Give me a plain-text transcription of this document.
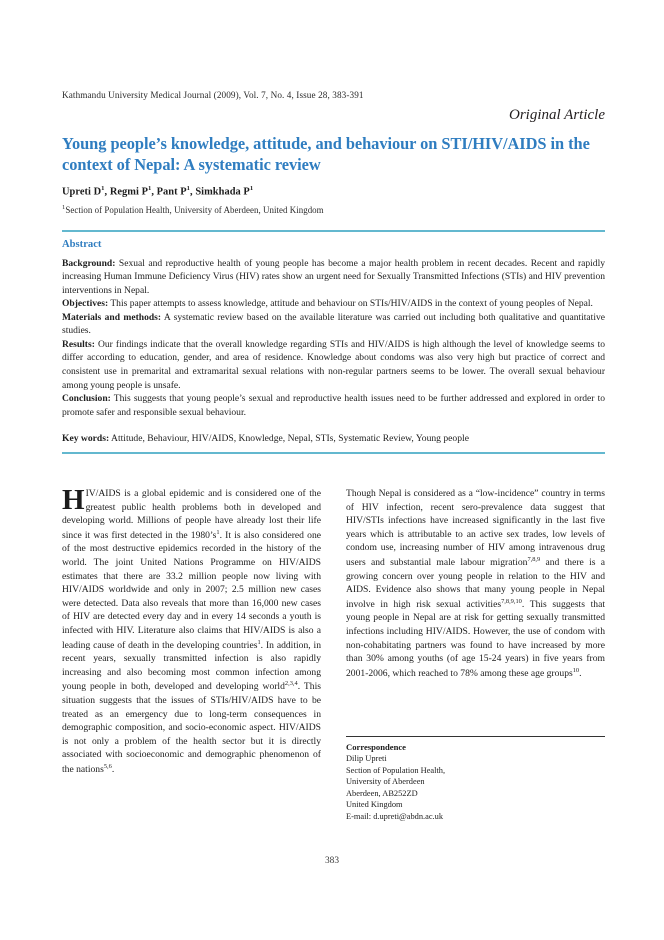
Kathmandu University Medical Journal (2009), Vol. 7, No. 4, Issue 28, 383-391
Original Article
Young people’s knowledge, attitude, and behaviour on STI/HIV/AIDS in the context of Nepal: A systematic review
Upreti $D^1$, Regmi $P^1$, Pant $P^1$, Simkhada $P^1$
$^1$Section of Population Health, University of Aberdeen, United Kingdom
Abstract

Background: Sexual and reproductive health of young people has become a major health problem in recent decades. Recent and rapidly increasing Human Immune Deficiency Virus (HIV) rates show an urgent need for Sexually Transmitted Infections (STIs) and HIV prevention interventions in Nepal.

Objectives: This paper attempts to assess knowledge, attitude and behaviour on STIs/HIV/AIDS in the context of young peoples of Nepal.

Materials and methods: A systematic review based on the available literature was carried out including both qualitative and quantitative studies.

Results: Our findings indicate that the overall knowledge regarding STIs and HIV/AIDS is high although the level of knowledge seems to differ according to education, gender, and area of residence. Knowledge about condoms was also very high but practice of correct and consistent use in premarital and extramarital sexual relations with non-regular partners seems to be lower. The overall sexual behaviour among young people is unsafe.

Conclusion: This suggests that young people’s sexual and reproductive health issues need to be further addressed and explored in order to promote safer and responsible sexual behaviour.

Key words: Attitude, Behaviour, HIV/AIDS, Knowledge, Nepal, STIs, Systematic Review, Young people

HIV/AIDS is a global epidemic and is considered one of the greatest public health problems both in developed and developing world. Millions of people have already lost their life since it was first detected in the $1980’s^1$. It is also considered one of the most destructive epidemics recorded in the history of the world. The joint United Nations Programme on HIV/AIDS estimates that there are 33.2 million people now living with HIV/AIDS worldwide and only in 2007; 2.5 million new cases were detected. Data also reveals that more than 16,000 new cases of HIV are detected every day and in every 14 seconds a youth is infected with HIV. Literature also claims that HIV/AIDS is also a leading cause of death in the developing countries$^1$. In addition, in recent years, sexually transmitted infection is also rapidly increasing and also becoming most common infection among young people in both, developed and developing world$^{2,3,4}$. This situation suggests that the issues of STIs/HIV/AIDS have to be treated as an emergency due to long-term consequences in demographic composition, and socio-economic aspect. HIV/AIDS is not only a problem of the health sector but it is directly associated with socioeconomic and demographic phenomenon of the nations$^{5,6}$.

Though Nepal is considered as a “low-incidence” country in terms of HIV infection, recent sero-prevalence data suggest that HIV/STIs infections have increased significantly in the last five years which is attributable to an active sex trades, low levels of condom use, increasing number of HIV among intravenous drug users and substantial male labour migration$^{7,8,9}$ and there is a growing concern over young people in relation to the HIV and AIDS. Evidence also shows that many young people in Nepal involve in high risk sexual activities$^{7,8,9,10}$. This suggests that young people in Nepal are at risk for getting sexually transmitted infections including HIV/AIDS. However, the use of condom with non-cohabitating partners was found to have increased by more than 30% among youths (of age 15-24 years) in five years from 2001-2006, which reached to 78% among these age groups$^{10}$.

Correspondence
Dilip Upreti
Section of Population Health,
University of Aberdeen
Aberdeen, AB252ZD
United Kingdom
E-mail: d.upreti@abdn.ac.uk
383
